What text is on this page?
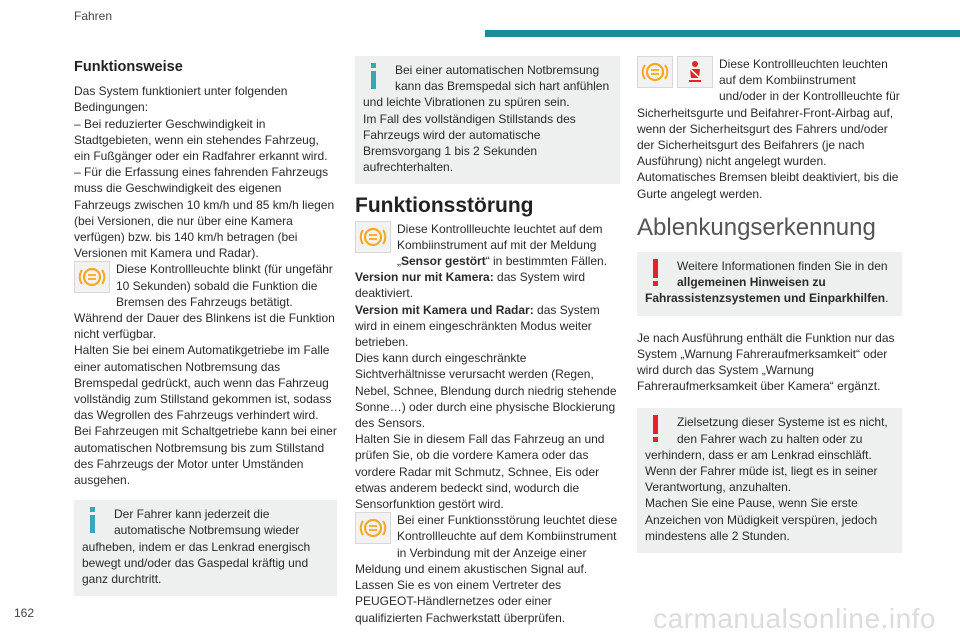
Fahren
Funktionsweise

Das System funktioniert unter folgenden Bedingungen:

– Bei reduzierter Geschwindigkeit in Stadtgebieten, wenn ein stehendes Fahrzeug, ein Fußgänger oder ein Radfahrer erkannt wird.

– Für die Erfassung eines fahrenden Fahrzeugs muss die Geschwindigkeit des eigenen Fahrzeugs zwischen 10 km/h und 85 km/h liegen (bei Versionen, die nur über eine Kamera verfügen) bzw. bis 140 km/h betragen (bei Versionen mit Kamera und Radar).

Diese Kontrollleuchte blinkt (für ungefähr 10 Sekunden) sobald die Funktion die Bremsen des Fahrzeugs betätigt.

Während der Dauer des Blinkens ist die Funktion nicht verfügbar.

Halten Sie bei einem Automatikgetriebe im Falle einer automatischen Notbremsung das Bremspedal gedrückt, auch wenn das Fahrzeug vollständig zum Stillstand gekommen ist, sodass das Wegrollen des Fahrzeugs verhindert wird.

Bei Fahrzeugen mit Schaltgetriebe kann bei einer automatischen Notbremsung bis zum Stillstand des Fahrzeugs der Motor unter Umständen ausgehen.

Der Fahrer kann jederzeit die automatische Notbremsung wieder aufheben, indem er das Lenkrad energisch bewegt und/oder das Gaspedal kräftig und ganz durchtritt.

Bei einer automatischen Notbremsung kann das Bremspedal sich hart anfühlen und leichte Vibrationen zu spüren sein.

Im Fall des vollständigen Stillstands des Fahrzeugs wird der automatische Bremsvorgang 1 bis 2 Sekunden aufrechterhalten.

Funktionsstörung

Diese Kontrollleuchte leuchtet auf dem Kombiinstrument auf mit der Meldung „Sensor gestört“ in bestimmten Fällen.

Version nur mit Kamera: das System wird deaktiviert.

Version mit Kamera und Radar: das System wird in einem eingeschränkten Modus weiter betrieben.

Dies kann durch eingeschränkte Sichtverhältnisse verursacht werden (Regen, Nebel, Schnee, Blendung durch niedrig stehende Sonne…) oder durch eine physische Blockierung des Sensors.

Halten Sie in diesem Fall das Fahrzeug an und prüfen Sie, ob die vordere Kamera oder das vordere Radar mit Schmutz, Schnee, Eis oder etwas anderem bedeckt sind, wodurch die Sensorfunktion gestört wird.

Bei einer Funktionsstörung leuchtet diese Kontrollleuchte auf dem Kombiinstrument in Verbindung mit der Anzeige einer Meldung und einem akustischen Signal auf.

Lassen Sie es von einem Vertreter des PEUGEOT-Händlernetzes oder einer qualifizierten Fachwerkstatt überprüfen.

Diese Kontrollleuchten leuchten auf dem Kombiinstrument und/oder in der Kontrollleuchte für Sicherheitsgurte und Beifahrer-Front-Airbag auf, wenn der Sicherheitsgurt des Fahrers und/oder der Sicherheitsgurt des Beifahrers (je nach Ausführung) nicht angelegt wurden. Automatisches Bremsen bleibt deaktiviert, bis die Gurte angelegt werden.

Ablenkungserkennung

Weitere Informationen finden Sie in den allgemeinen Hinweisen zu Fahrassistenzsystemen und Einparkhilfen.

Je nach Ausführung enthält die Funktion nur das System „Warnung Fahreraufmerksamkeit“ oder wird durch das System „Warnung Fahreraufmerksamkeit über Kamera“ ergänzt.

Zielsetzung dieser Systeme ist es nicht, den Fahrer wach zu halten oder zu verhindern, dass er am Lenkrad einschläft.

Wenn der Fahrer müde ist, liegt es in seiner Verantwortung, anzuhalten.

Machen Sie eine Pause, wenn Sie erste Anzeichen von Müdigkeit verspüren, jedoch mindestens alle 2 Stunden.

162	carmanualsonline.info
